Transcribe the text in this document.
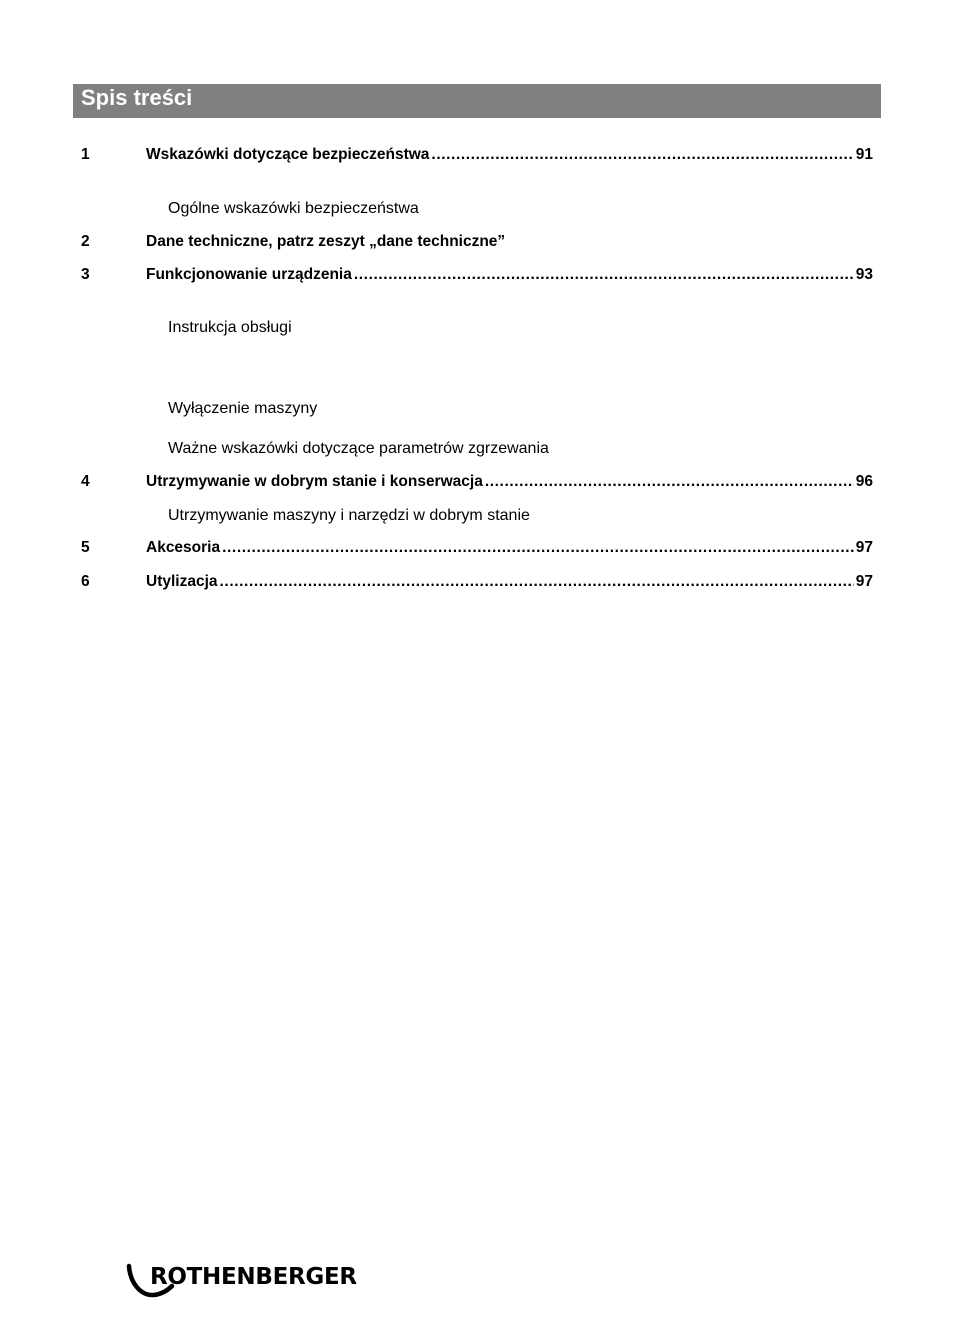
Spis treści
1	Wskazówki dotyczące bezpieczeństwa .....	91
Ogólne wskazówki bezpieczeństwa
2	Dane techniczne, patrz zeszyt „dane techniczne”
3	Funkcjonowanie urządzenia .....	93
Instrukcja obsługi
Wyłączenie maszyny
Ważne wskazówki dotyczące parametrów zgrzewania
4	Utrzymywanie w dobrym stanie i konserwacja .....	96
Utrzymywanie maszyny i narzędzi w dobrym stanie
5	Akcesoria .....	97
6	Utylizacja .....	97
ROTHENBERGER
